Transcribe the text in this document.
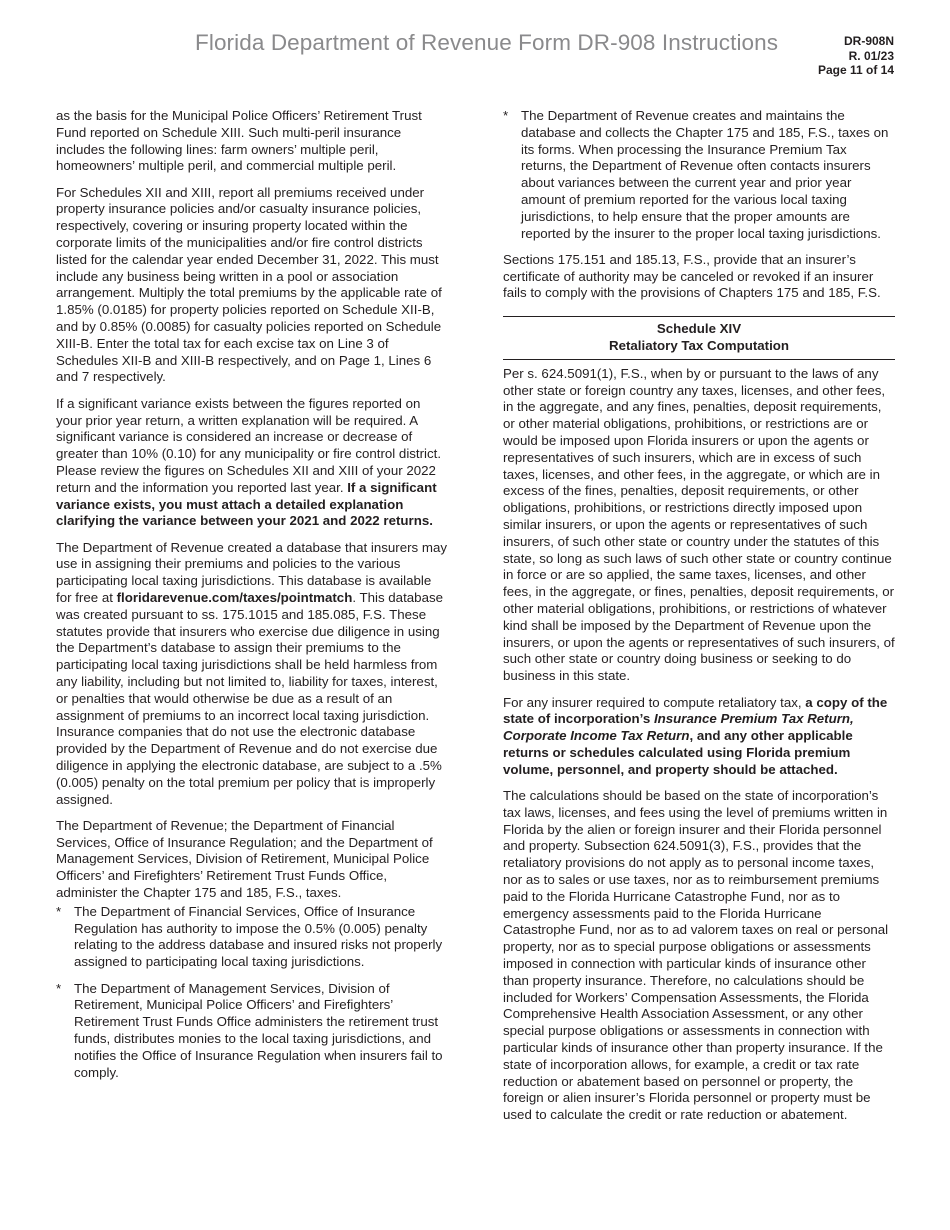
Florida Department of Revenue Form DR-908 Instructions	DR-908N
R. 01/23
Page 11 of 14

as the basis for the Municipal Police Officers’ Retirement Trust Fund reported on Schedule XIII. Such multi-peril insurance includes the following lines: farm owners’ multiple peril, homeowners’ multiple peril, and commercial multiple peril.

For Schedules XII and XIII, report all premiums received under property insurance policies and/or casualty insurance policies, respectively, covering or insuring property located within the corporate limits of the municipalities and/or fire control districts listed for the calendar year ended December 31, 2022. This must include any business being written in a pool or association arrangement. Multiply the total premiums by the applicable rate of 1.85% (0.0185) for property policies reported on Schedule XII-B, and by 0.85% (0.0085) for casualty policies reported on Schedule XIII-B. Enter the total tax for each excise tax on Line 3 of Schedules XII-B and XIII-B respectively, and on Page 1, Lines 6 and 7 respectively.

If a significant variance exists between the figures reported on your prior year return, a written explanation will be required. A significant variance is considered an increase or decrease of greater than 10% (0.10) for any municipality or fire control district. Please review the figures on Schedules XII and XIII of your 2022 return and the information you reported last year. If a significant variance exists, you must attach a detailed explanation clarifying the variance between your 2021 and 2022 returns.

The Department of Revenue created a database that insurers may use in assigning their premiums and policies to the various participating local taxing jurisdictions. This database is available for free at floridarevenue.com/taxes/pointmatch. This database was created pursuant to ss. 175.1015 and 185.085, F.S. These statutes provide that insurers who exercise due diligence in using the Department’s database to assign their premiums to the participating local taxing jurisdictions shall be held harmless from any liability, including but not limited to, liability for taxes, interest, or penalties that would otherwise be due as a result of an assignment of premiums to an incorrect local taxing jurisdiction. Insurance companies that do not use the electronic database provided by the Department of Revenue and do not exercise due diligence in applying the electronic database, are subject to a .5% (0.005) penalty on the total premium per policy that is improperly assigned.

The Department of Revenue; the Department of Financial Services, Office of Insurance Regulation; and the Department of Management Services, Division of Retirement, Municipal Police Officers’ and Firefighters’ Retirement Trust Funds Office, administer the Chapter 175 and 185, F.S., taxes.

* The Department of Financial Services, Office of Insurance Regulation has authority to impose the 0.5% (0.005) penalty relating to the address database and insured risks not properly assigned to participating local taxing jurisdictions.
* The Department of Management Services, Division of Retirement, Municipal Police Officers’ and Firefighters’ Retirement Trust Funds Office administers the retirement trust funds, distributes monies to the local taxing jurisdictions, and notifies the Office of Insurance Regulation when insurers fail to comply.
* The Department of Revenue creates and maintains the database and collects the Chapter 175 and 185, F.S., taxes on its forms. When processing the Insurance Premium Tax returns, the Department of Revenue often contacts insurers about variances between the current year and prior year amount of premium reported for the various local taxing jurisdictions, to help ensure that the proper amounts are reported by the insurer to the proper local taxing jurisdictions.

Sections 175.151 and 185.13, F.S., provide that an insurer’s certificate of authority may be canceled or revoked if an insurer fails to comply with the provisions of Chapters 175 and 185, F.S.

Schedule XIV
Retaliatory Tax Computation

Per s. 624.5091(1), F.S., when by or pursuant to the laws of any other state or foreign country any taxes, licenses, and other fees, in the aggregate, and any fines, penalties, deposit requirements, or other material obligations, prohibitions, or restrictions are or would be imposed upon Florida insurers or upon the agents or representatives of such insurers, which are in excess of such taxes, licenses, and other fees, in the aggregate, or which are in excess of the fines, penalties, deposit requirements, or other obligations, prohibitions, or restrictions directly imposed upon similar insurers, or upon the agents or representatives of such insurers, of such other state or country under the statutes of this state, so long as such laws of such other state or country continue in force or are so applied, the same taxes, licenses, and other fees, in the aggregate, or fines, penalties, deposit requirements, or other material obligations, prohibitions, or restrictions of whatever kind shall be imposed by the Department of Revenue upon the insurers, or upon the agents or representatives of such insurers, of such other state or country doing business or seeking to do business in this state.

For any insurer required to compute retaliatory tax, a copy of the state of incorporation’s Insurance Premium Tax Return, Corporate Income Tax Return, and any other applicable returns or schedules calculated using Florida premium volume, personnel, and property should be attached.

The calculations should be based on the state of incorporation’s tax laws, licenses, and fees using the level of premiums written in Florida by the alien or foreign insurer and their Florida personnel and property. Subsection 624.5091(3), F.S., provides that the retaliatory provisions do not apply as to personal income taxes, nor as to sales or use taxes, nor as to reimbursement premiums paid to the Florida Hurricane Catastrophe Fund, nor as to emergency assessments paid to the Florida Hurricane Catastrophe Fund, nor as to ad valorem taxes on real or personal property, nor as to special purpose obligations or assessments imposed in connection with particular kinds of insurance other than property insurance. Therefore, no calculations should be included for Workers’ Compensation Assessments, the Florida Comprehensive Health Association Assessment, or any other special purpose obligations or assessments in connection with particular kinds of insurance other than property insurance. If the state of incorporation allows, for example, a credit or tax rate reduction or abatement based on personnel or property, the foreign or alien insurer’s Florida personnel or property must be used to calculate the credit or rate reduction or abatement.
